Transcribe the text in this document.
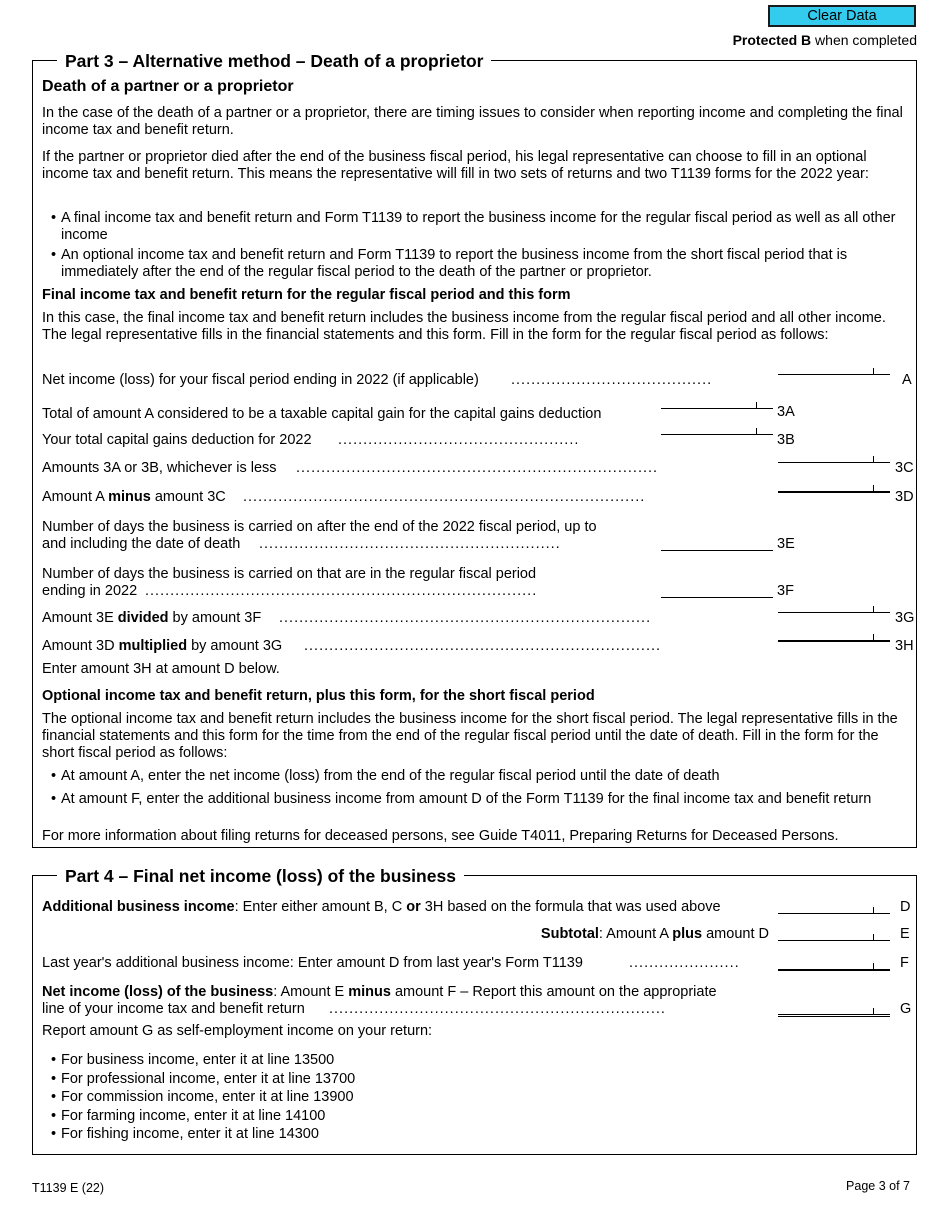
Clear Data
Protected B when completed
Part 3 – Alternative method – Death of a proprietor
Death of a partner or a proprietor
In the case of the death of a partner or a proprietor, there are timing issues to consider when reporting income and completing the final income tax and benefit return.
If the partner or proprietor died after the end of the business fiscal period, his legal representative can choose to fill in an optional income tax and benefit return. This means the representative will fill in two sets of returns and two T1139 forms for the 2022 year:
• A final income tax and benefit return and Form T1139 to report the business income for the regular fiscal period as well as all other income
• An optional income tax and benefit return and Form T1139 to report the business income from the short fiscal period that is immediately after the end of the regular fiscal period to the death of the partner or proprietor.
Final income tax and benefit return for the regular fiscal period and this form
In this case, the final income tax and benefit return includes the business income from the regular fiscal period and all other income. The legal representative fills in the financial statements and this form. Fill in the form for the regular fiscal period as follows:
Net income (loss) for your fiscal period ending in 2022 (if applicable) ........................................	A
Total of amount A considered to be a taxable capital gain for the capital gains deduction	3A
Your total capital gains deduction for 2022 ................................................	3B
Amounts 3A or 3B, whichever is less ........................................................................	3C
Amount A minus amount 3C ................................................................................	3D
Number of days the business is carried on after the end of the 2022 fiscal period, up to
and including the date of death ............................................................	3E
Number of days the business is carried on that are in the regular fiscal period
ending in 2022 ..............................................................................	3F
Amount 3E divided by amount 3F ..........................................................................	3G
Amount 3D multiplied by amount 3G .......................................................................	3H
Enter amount 3H at amount D below.
Optional income tax and benefit return, plus this form, for the short fiscal period
The optional income tax and benefit return includes the business income for the short fiscal period. The legal representative fills in the financial statements and this form for the time from the end of the regular fiscal period until the date of death. Fill in the form for the short fiscal period as follows:
• At amount A, enter the net income (loss) from the end of the regular fiscal period until the date of death
• At amount F, enter the additional business income from amount D of the Form T1139 for the final income tax and benefit return
For more information about filing returns for deceased persons, see Guide T4011, Preparing Returns for Deceased Persons.
Part 4 – Final net income (loss) of the business
Additional business income: Enter either amount B, C or 3H based on the formula that was used above	D
Subtotal: Amount A plus amount D	E
Last year's additional business income: Enter amount D from last year's Form T1139	......................	F
Net income (loss) of the business: Amount E minus amount F – Report this amount on the appropriate
line of your income tax and benefit return ...................................................................	G
Report amount G as self-employment income on your return:
• For business income, enter it at line 13500
• For professional income, enter it at line 13700
• For commission income, enter it at line 13900
• For farming income, enter it at line 14100
• For fishing income, enter it at line 14300
T1139 E (22)	Page 3 of 7
